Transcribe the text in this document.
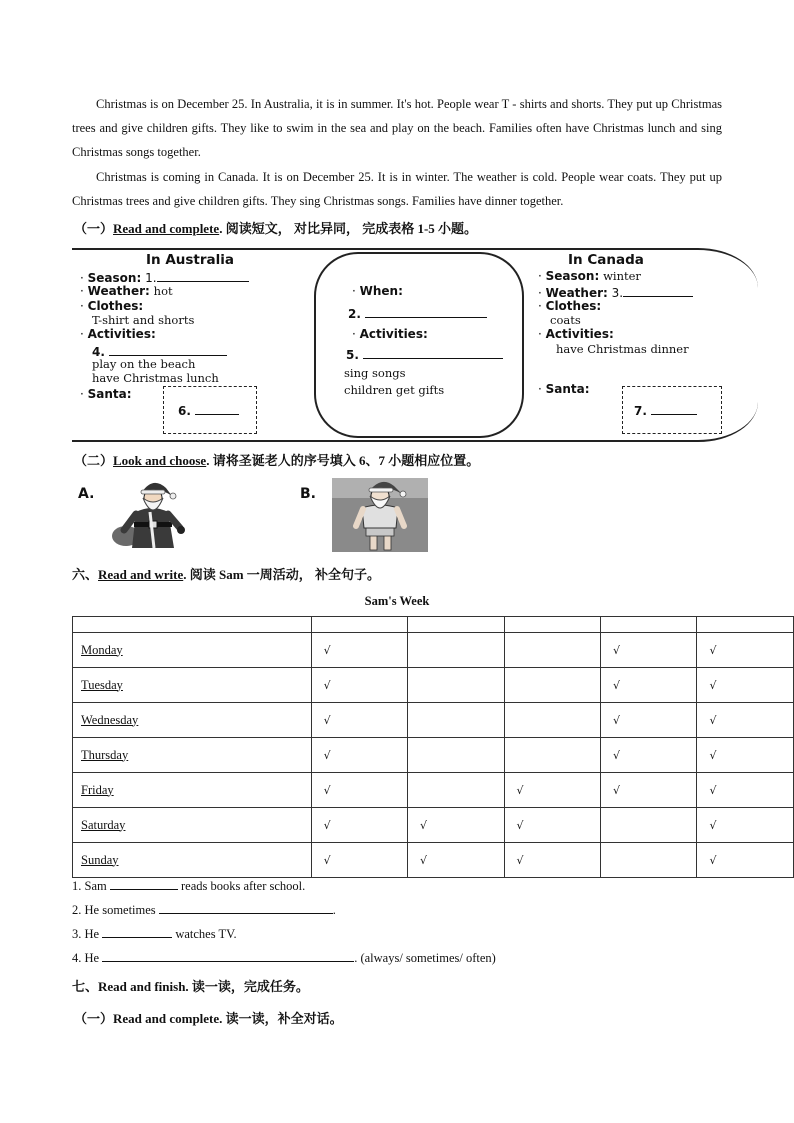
Christmas is on December 25. In Australia, it is in summer. It's hot. People wear T - shirts and shorts. They put up Christmas trees and give children gifts. They like to swim in the sea and play on the beach. Families often have Christmas lunch and sing Christmas songs together.
Christmas is coming in Canada. It is on December 25. It is in winter. The weather is cold. People wear coats. They put up Christmas trees and give children gifts. They sing Christmas songs. Families have dinner together.
（一）Read and complete. 阅读短文， 对比异同， 完成表格 1-5 小题。
In Australia
· Season: 1.
· Weather: hot
· Clothes:
T-shirt and shorts
· Activities:
4.
play on the beach
have Christmas lunch
· Santa:
6.
· When:
2.
· Activities:
5.
sing songs
children get gifts
In Canada
· Season: winter
· Weather: 3.
· Clothes:
coats
· Activities:
have Christmas dinner
· Santa:
7.
（二）Look and choose. 请将圣诞老人的序号填入 6、7 小题相应位置。
A.	B.
六、Read and write. 阅读 Sam 一周活动， 补全句子。
Sam's Week

Monday	√			√	√
Tuesday	√			√	√
Wednesday	√			√	√
Thursday	√			√	√
Friday	√		√	√	√
Saturday	√	√	√		√
Sunday	√	√	√		√
1. Sam	reads books after school.
2. He sometimes	.
3. He	watches TV.
4. He	. (always/ sometimes/ often)
七、Read and finish. 读一读，完成任务。
（一）Read and complete. 读一读，补全对话。
